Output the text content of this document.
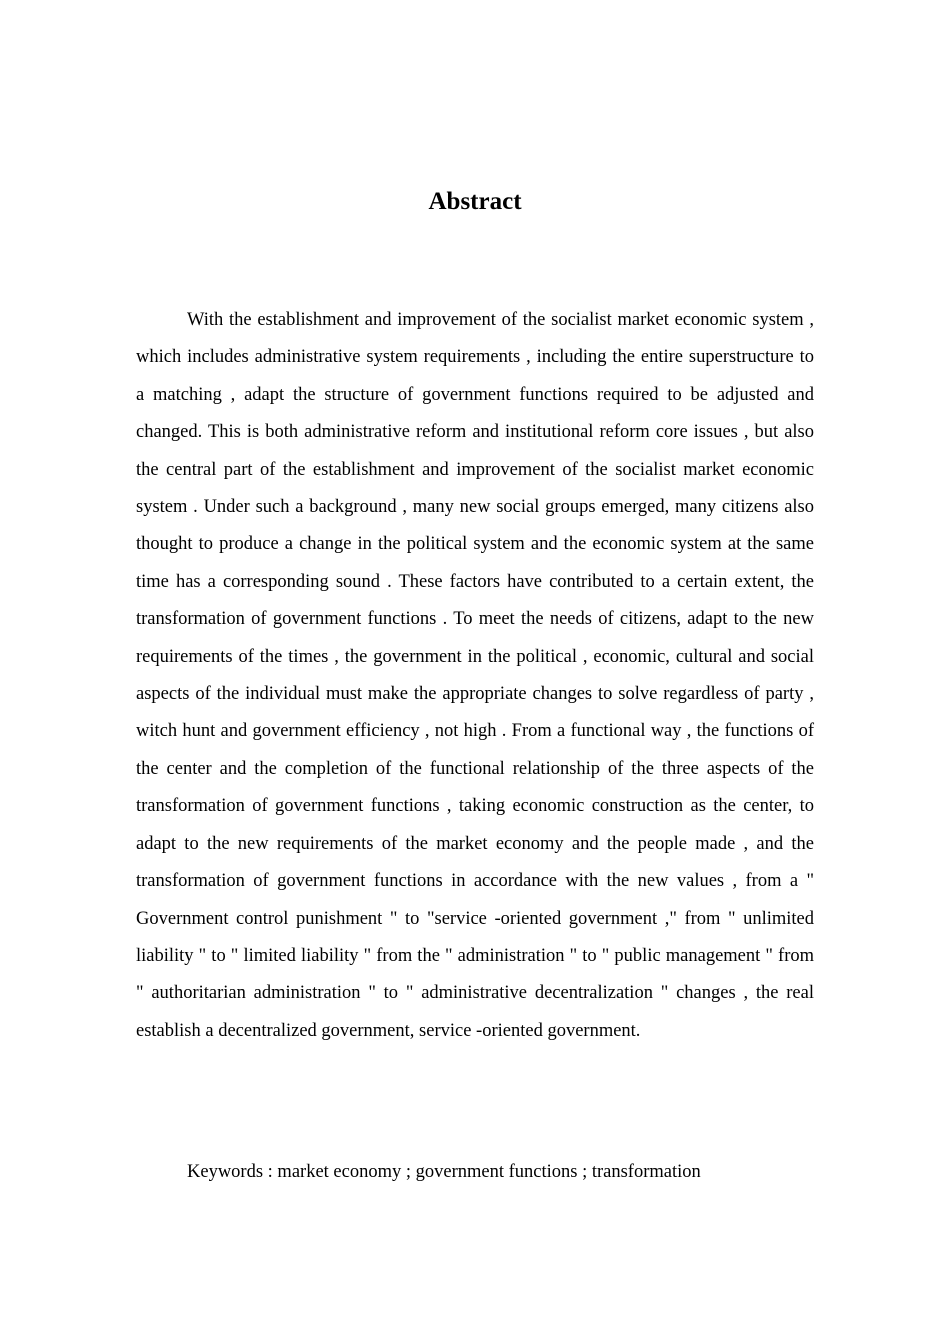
Abstract

With the establishment and improvement of the socialist market economic system , which includes administrative system requirements , including the entire superstructure to a matching , adapt the structure of government functions required to be adjusted and changed. This is both administrative reform and institutional reform core issues , but also the central part of the establishment and improvement of the socialist market economic system . Under such a background , many new social groups emerged, many citizens also thought to produce a change in the political system and the economic system at the same time has a corresponding sound . These factors have contributed to a certain extent, the transformation of government functions . To meet the needs of citizens, adapt to the new requirements of the times , the government in the political , economic, cultural and social aspects of the individual must make the appropriate changes to solve regardless of party , witch hunt and government efficiency , not high . From a functional way , the functions of the center and the completion of the functional relationship of the three aspects of the transformation of government functions , taking economic construction as the center, to adapt to the new requirements of the market economy and the people made , and the transformation of government functions in accordance with the new values , from a " Government control punishment " to "service -oriented government ," from " unlimited liability " to " limited liability " from the " administration " to " public management " from " authoritarian administration " to " administrative decentralization " changes , the real establish a decentralized government, service -oriented government.

Keywords : market economy ; government functions ; transformation
